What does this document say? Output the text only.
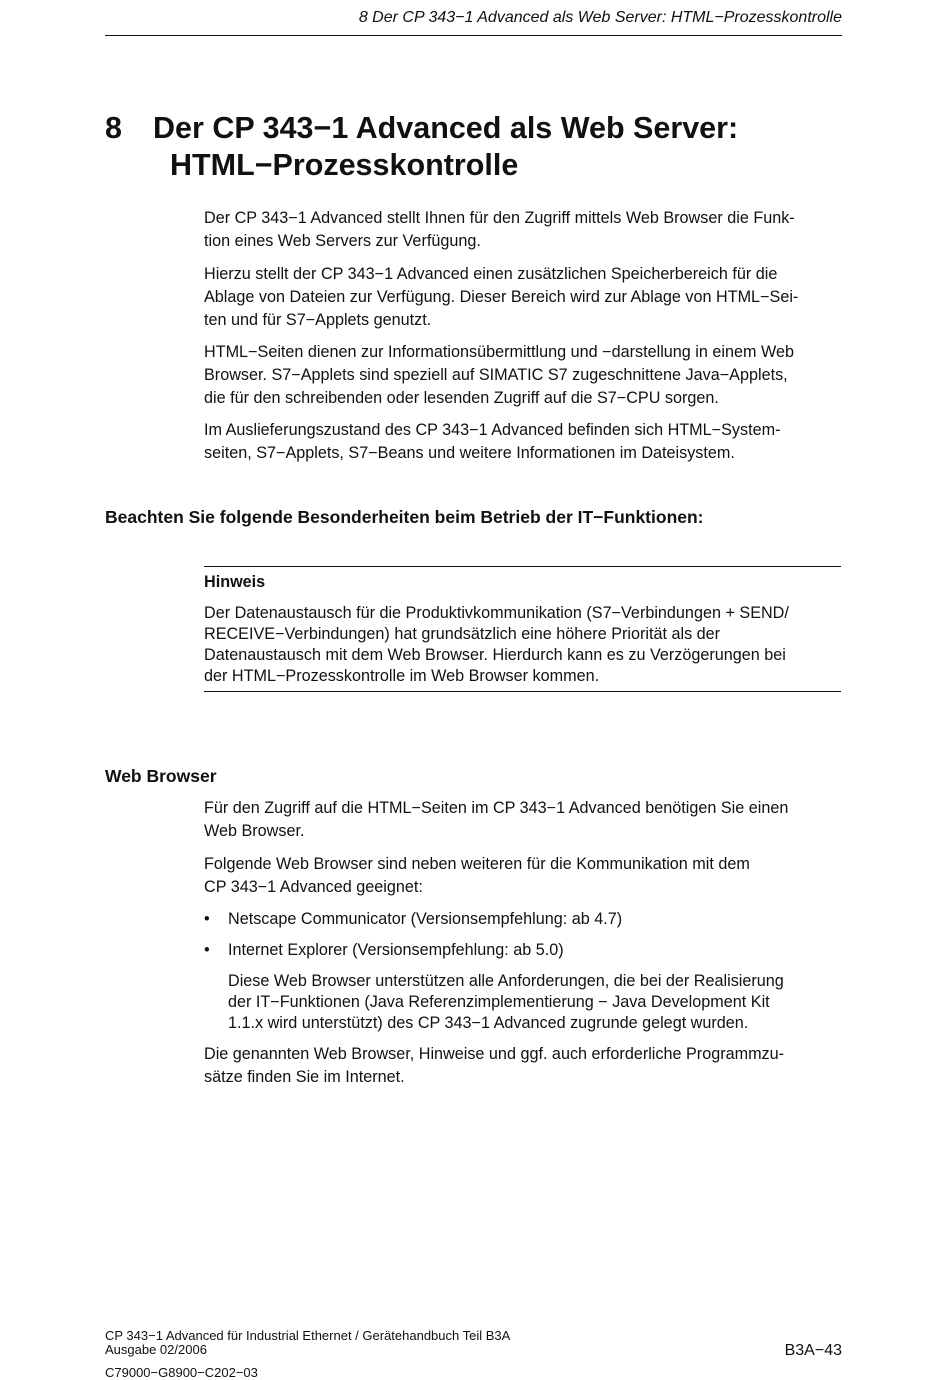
8 Der CP 343−1 Advanced als Web Server: HTML−Prozesskontrolle
8 Der CP 343−1 Advanced als Web Server:
HTML−Prozesskontrolle

Der CP 343−1 Advanced stellt Ihnen für den Zugriff mittels Web Browser die Funk-

tion eines Web Servers zur Verfügung.

Hierzu stellt der CP 343−1 Advanced einen zusätzlichen Speicherbereich für die

Ablage von Dateien zur Verfügung. Dieser Bereich wird zur Ablage von HTML−Sei-

ten und für S7−Applets genutzt.

HTML−Seiten dienen zur Informationsübermittlung und −darstellung in einem Web

Browser. S7−Applets sind speziell auf SIMATIC S7 zugeschnittene Java−Applets,

die für den schreibenden oder lesenden Zugriff auf die S7−CPU sorgen.

Im Auslieferungszustand des CP 343−1 Advanced befinden sich HTML−System-

seiten, S7−Applets, S7−Beans und weitere Informationen im Dateisystem.

Beachten Sie folgende Besonderheiten beim Betrieb der IT−Funktionen:
Hinweis
Der Datenaustausch für die Produktivkommunikation (S7−Verbindungen + SEND/
RECEIVE−Verbindungen) hat grundsätzlich eine höhere Priorität als der
Datenaustausch mit dem Web Browser. Hierdurch kann es zu Verzögerungen bei
der HTML−Prozesskontrolle im Web Browser kommen.
Web Browser

Für den Zugriff auf die HTML−Seiten im CP 343−1 Advanced benötigen Sie einen

Web Browser.

Folgende Web Browser sind neben weiteren für die Kommunikation mit dem

CP 343−1 Advanced geeignet:

• Netscape Communicator (Versionsempfehlung: ab 4.7)
• Internet Explorer (Versionsempfehlung: ab 5.0)

Diese Web Browser unterstützen alle Anforderungen, die bei der Realisierung

der IT−Funktionen (Java Referenzimplementierung − Java Development Kit

1.1.x wird unterstützt) des CP 343−1 Advanced zugrunde gelegt wurden.

Die genannten Web Browser, Hinweise und ggf. auch erforderliche Programmzu-

sätze finden Sie im Internet.

CP 343−1 Advanced für Industrial Ethernet / Gerätehandbuch Teil B3A
Ausgabe 02/2006
C79000−G8900−C202−03
B3A−43
